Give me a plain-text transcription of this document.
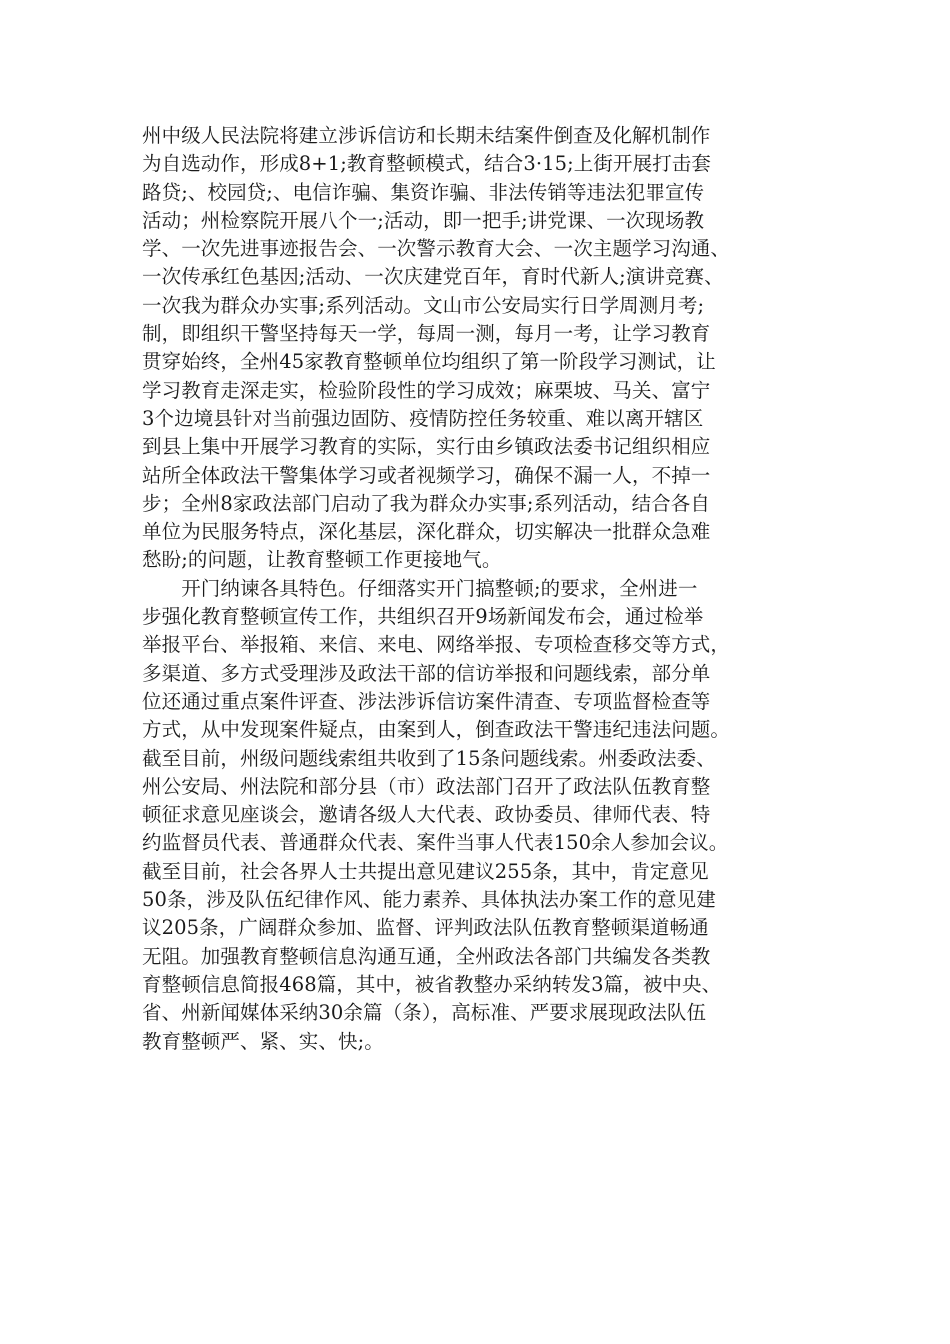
州中级人民法院将建立涉诉信访和长期未结案件倒查及化解机制作
为自选动作，形成8+1;教育整顿模式，结合3·15;上街开展打击套
路贷;、校园贷;、电信诈骗、集资诈骗、非法传销等违法犯罪宣传
活动；州检察院开展八个一;活动，即一把手;讲党课、一次现场教
学、一次先进事迹报告会、一次警示教育大会、一次主题学习沟通、
一次传承红色基因;活动、一次庆建党百年，育时代新人;演讲竞赛、
一次我为群众办实事;系列活动。文山市公安局实行日学周测月考;
制，即组织干警坚持每天一学，每周一测，每月一考，让学习教育
贯穿始终，全州45家教育整顿单位均组织了第一阶段学习测试，让
学习教育走深走实，检验阶段性的学习成效；麻栗坡、马关、富宁
3个边境县针对当前强边固防、疫情防控任务较重、难以离开辖区
到县上集中开展学习教育的实际，实行由乡镇政法委书记组织相应
站所全体政法干警集体学习或者视频学习，确保不漏一人，不掉一
步；全州8家政法部门启动了我为群众办实事;系列活动，结合各自
单位为民服务特点，深化基层，深化群众，切实解决一批群众急难
愁盼;的问题，让教育整顿工作更接地气。
　　开门纳谏各具特色。仔细落实开门搞整顿;的要求，全州进一
步强化教育整顿宣传工作，共组织召开9场新闻发布会，通过检举
举报平台、举报箱、来信、来电、网络举报、专项检查移交等方式，
多渠道、多方式受理涉及政法干部的信访举报和问题线索，部分单
位还通过重点案件评查、涉法涉诉信访案件清查、专项监督检查等
方式，从中发现案件疑点，由案到人，倒查政法干警违纪违法问题。
截至目前，州级问题线索组共收到了15条问题线索。州委政法委、
州公安局、州法院和部分县（市）政法部门召开了政法队伍教育整
顿征求意见座谈会，邀请各级人大代表、政协委员、律师代表、特
约监督员代表、普通群众代表、案件当事人代表150余人参加会议。
截至目前，社会各界人士共提出意见建议255条，其中，肯定意见
50条，涉及队伍纪律作风、能力素养、具体执法办案工作的意见建
议205条，广阔群众参加、监督、评判政法队伍教育整顿渠道畅通
无阻。加强教育整顿信息沟通互通，全州政法各部门共编发各类教
育整顿信息简报468篇，其中，被省教整办采纳转发3篇，被中央、
省、州新闻媒体采纳30余篇（条），高标准、严要求展现政法队伍
教育整顿严、紧、实、快;。
